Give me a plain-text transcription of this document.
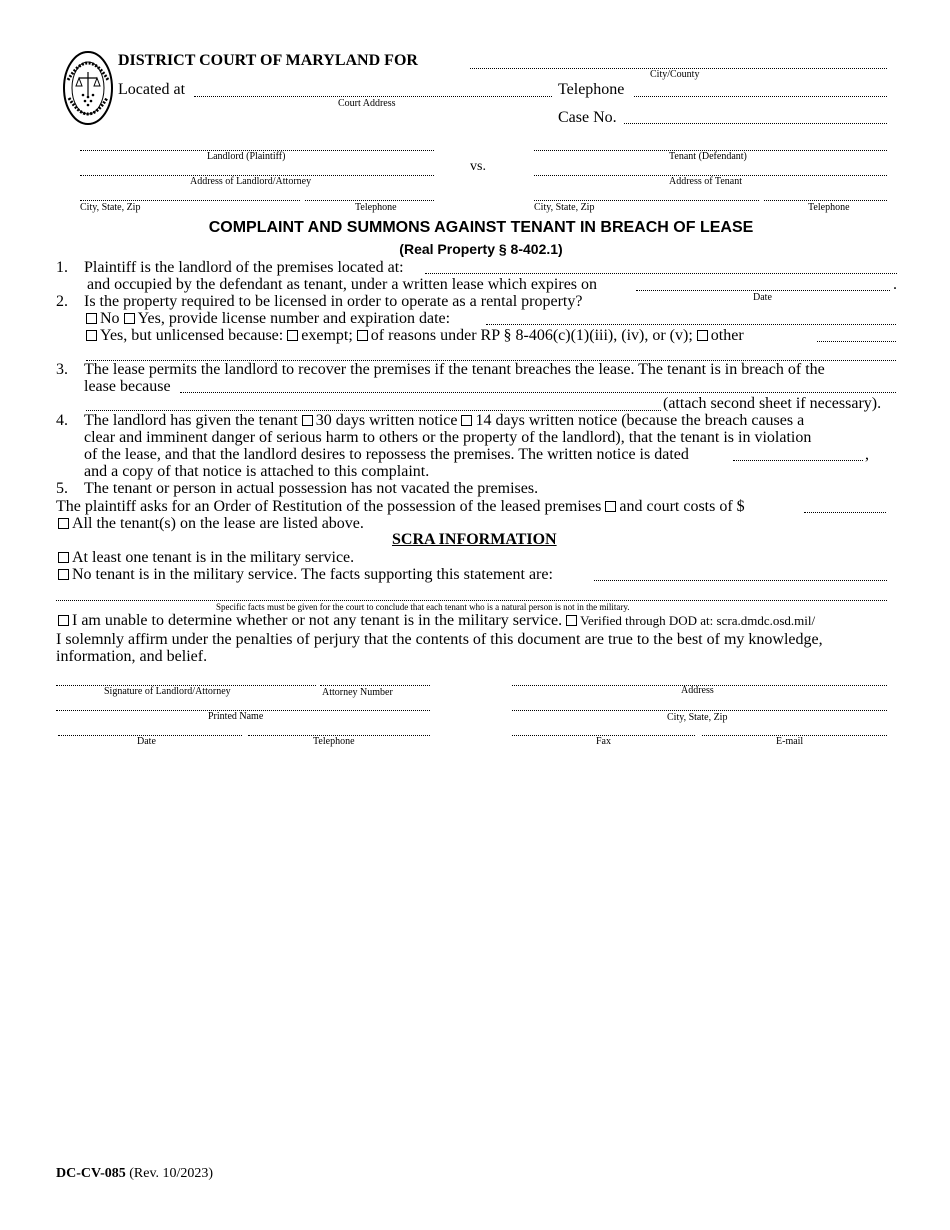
DISTRICT COURT OF MARYLAND FOR
City/County
Located at
Court Address
Telephone
Case No.
Landlord (Plaintiff)
Address of Landlord/Attorney
City, State, Zip	Telephone
vs.
Tenant (Defendant)
Address of Tenant
City, State, Zip	Telephone
COMPLAINT AND SUMMONS AGAINST TENANT IN BREACH OF LEASE
(Real Property § 8-402.1)
1. Plaintiff is the landlord of the premises located at:
and occupied by the defendant as tenant, under a written lease which expires on	.
Date
2. Is the property required to be licensed in order to operate as a rental property?
No Yes, provide license number and expiration date:
Yes, but unlicensed because: exempt; of reasons under RP § 8-406(c)(1)(iii), (iv), or (v); other
3. The lease permits the landlord to recover the premises if the tenant breaches the lease. The tenant is in breach of the
lease because
(attach second sheet if necessary).
4. The landlord has given the tenant 30 days written notice 14 days written notice (because the breach causes a
clear and imminent danger of serious harm to others or the property of the landlord), that the tenant is in violation
of the lease, and that the landlord desires to repossess the premises. The written notice is dated	,
and a copy of that notice is attached to this complaint.
5. The tenant or person in actual possession has not vacated the premises.
The plaintiff asks for an Order of Restitution of the possession of the leased premises and court costs of $
All the tenant(s) on the lease are listed above.
SCRA INFORMATION
At least one tenant is in the military service.
No tenant is in the military service. The facts supporting this statement are:
Specific facts must be given for the court to conclude that each tenant who is a natural person is not in the military.
I am unable to determine whether or not any tenant is in the military service. Verified through DOD at: scra.dmdc.osd.mil/
I solemnly affirm under the penalties of perjury that the contents of this document are true to the best of my knowledge,
information, and belief.
Signature of Landlord/Attorney	Attorney Number
Printed Name
Date	Telephone
Address
City, State, Zip
Fax	E-mail
DC-CV-085 (Rev. 10/2023)
